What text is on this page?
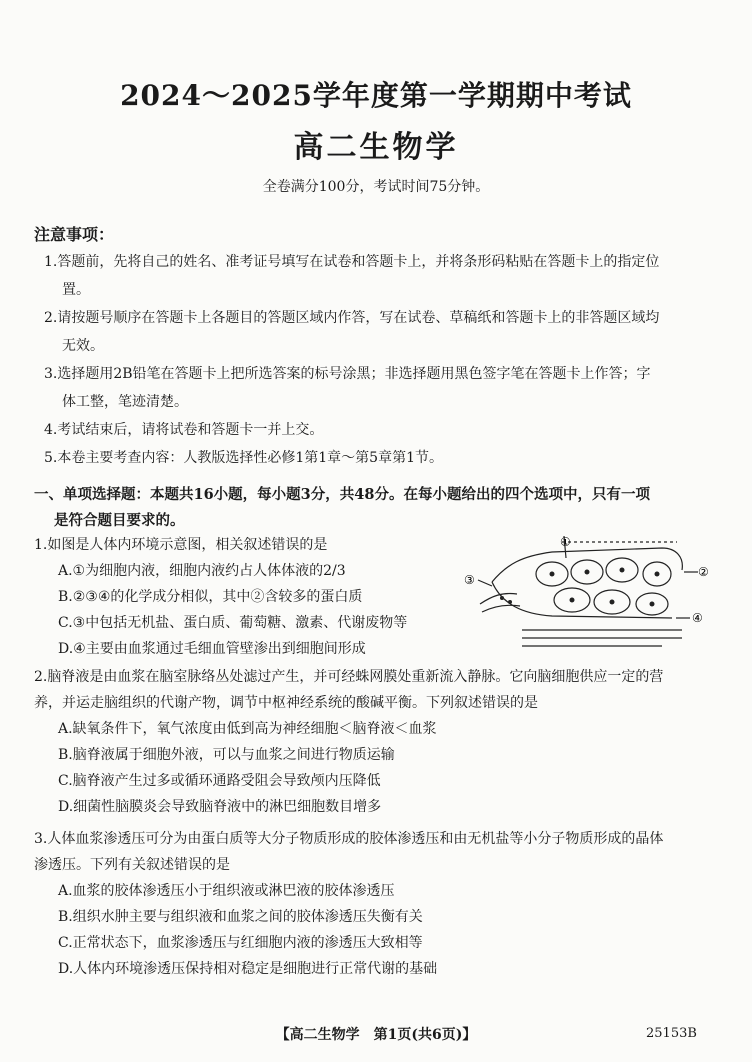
2024～2025学年度第一学期期中考试
高二生物学
全卷满分100分，考试时间75分钟。
注意事项：

1.答题前，先将自己的姓名、准考证号填写在试卷和答题卡上，并将条形码粘贴在答题卡上的指定位置。

2.请按题号顺序在答题卡上各题目的答题区域内作答，写在试卷、草稿纸和答题卡上的非答题区域均无效。

3.选择题用2B铅笔在答题卡上把所选答案的标号涂黑；非选择题用黑色签字笔在答题卡上作答；字体工整，笔迹清楚。

4.考试结束后，请将试卷和答题卡一并上交。

5.本卷主要考查内容：人教版选择性必修1第1章～第5章第1节。

一、单项选择题：本题共16小题，每小题3分，共48分。在每小题给出的四个选项中，只有一项
是符合题目要求的。

1.如图是人体内环境示意图，相关叙述错误的是

A.①为细胞内液，细胞内液约占人体体液的2/3

B.②③④的化学成分相似，其中②含较多的蛋白质

C.③中包括无机盐、蛋白质、葡萄糖、激素、代谢废物等

D.④主要由血浆通过毛细血管壁渗出到细胞间形成

①
②
③
④

2.脑脊液是由血浆在脑室脉络丛处滤过产生，并可经蛛网膜处重新流入静脉。它向脑细胞供应一定的营养，并运走脑组织的代谢产物，调节中枢神经系统的酸碱平衡。下列叙述错误的是

A.缺氧条件下，氧气浓度由低到高为神经细胞＜脑脊液＜血浆

B.脑脊液属于细胞外液，可以与血浆之间进行物质运输

C.脑脊液产生过多或循环通路受阻会导致颅内压降低

D.细菌性脑膜炎会导致脑脊液中的淋巴细胞数目增多

3.人体血浆渗透压可分为由蛋白质等大分子物质形成的胶体渗透压和由无机盐等小分子物质形成的晶体渗透压。下列有关叙述错误的是

A.血浆的胶体渗透压小于组织液或淋巴液的胶体渗透压

B.组织水肿主要与组织液和血浆之间的胶体渗透压失衡有关

C.正常状态下，血浆渗透压与红细胞内液的渗透压大致相等

D.人体内环境渗透压保持相对稳定是细胞进行正常代谢的基础

【高二生物学　第1页(共6页)】	25153B
